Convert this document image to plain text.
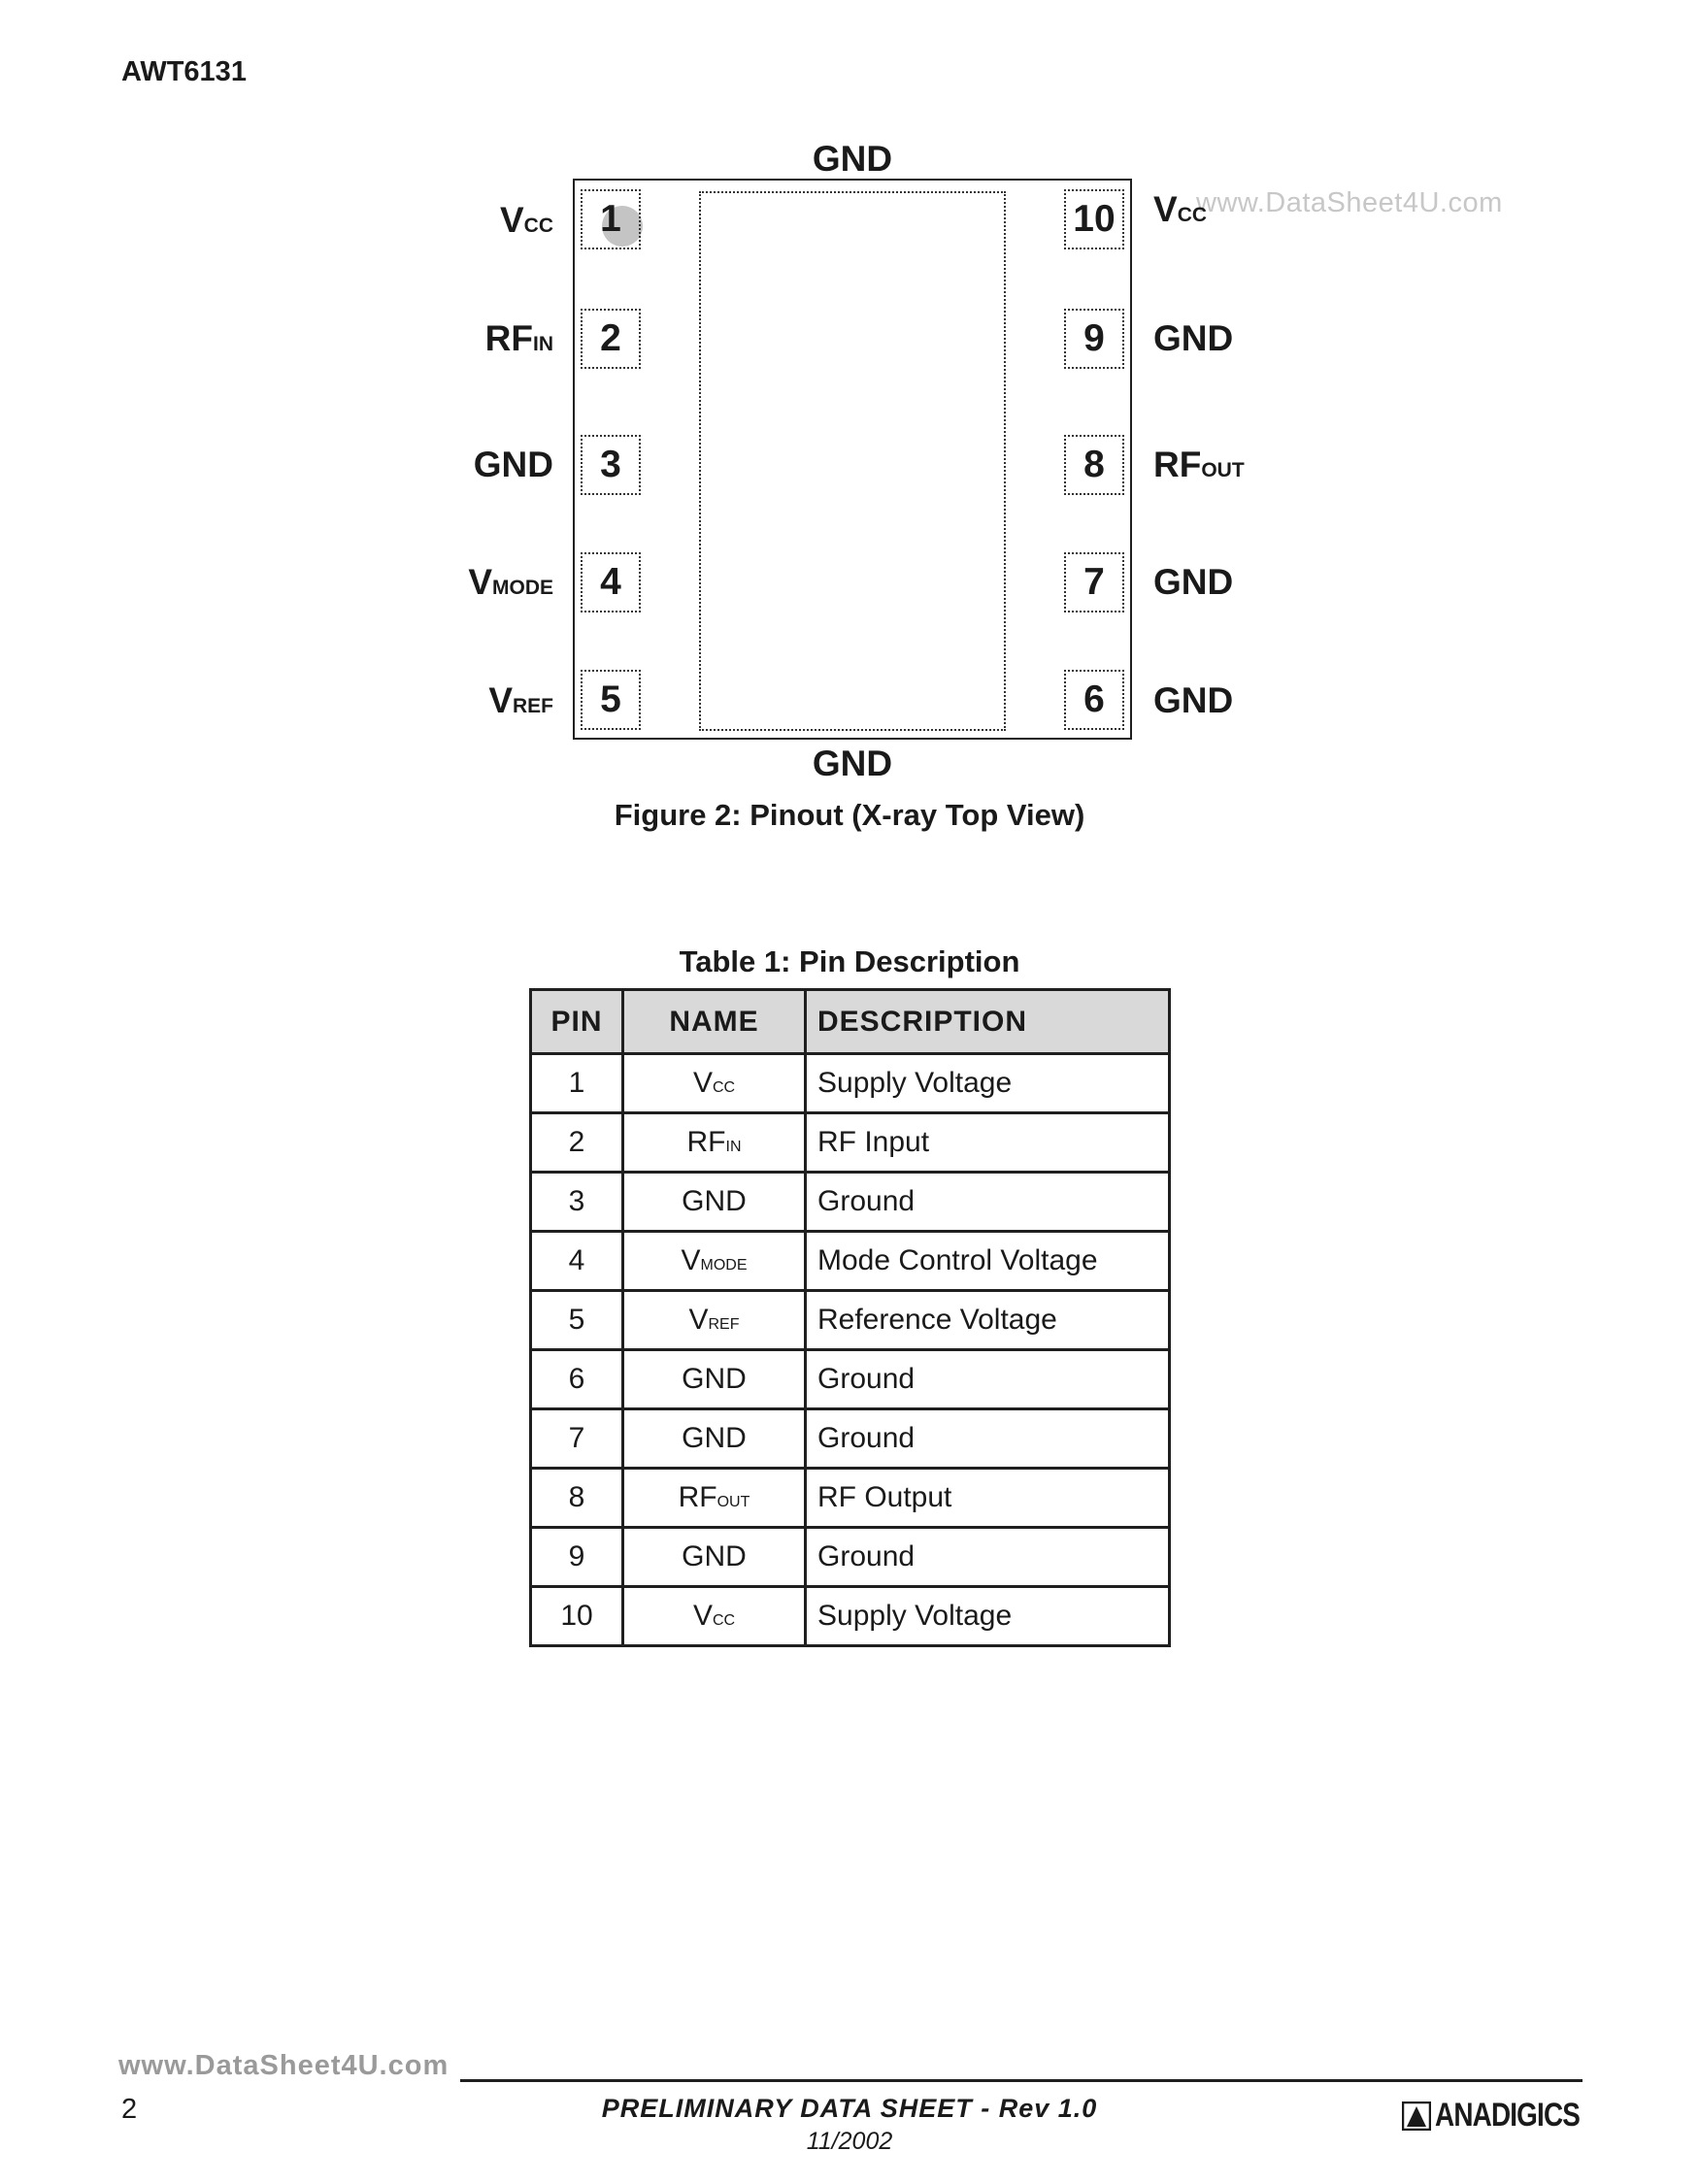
AWT6131
www.DataSheet4U.com
GND
1
2
3
4
5
10
9
8
7
6
VCC
RFIN
GND
VMODE
VREF
VCC
GND
RFOUT
GND
GND
GND
Figure 2: Pinout (X-ray Top View)
Table 1: Pin Description
PIN	NAME	DESCRIPTION
1	VCC	Supply Voltage
2	RFIN	RF Input
3	GND	Ground
4	VMODE	Mode Control Voltage
5	VREF	Reference Voltage
6	GND	Ground
7	GND	Ground
8	RFOUT	RF Output
9	GND	Ground
10	VCC	Supply Voltage
www.DataSheet4U.com
2	PRELIMINARY DATA SHEET - Rev 1.0
11/2002
ANADIGICS
